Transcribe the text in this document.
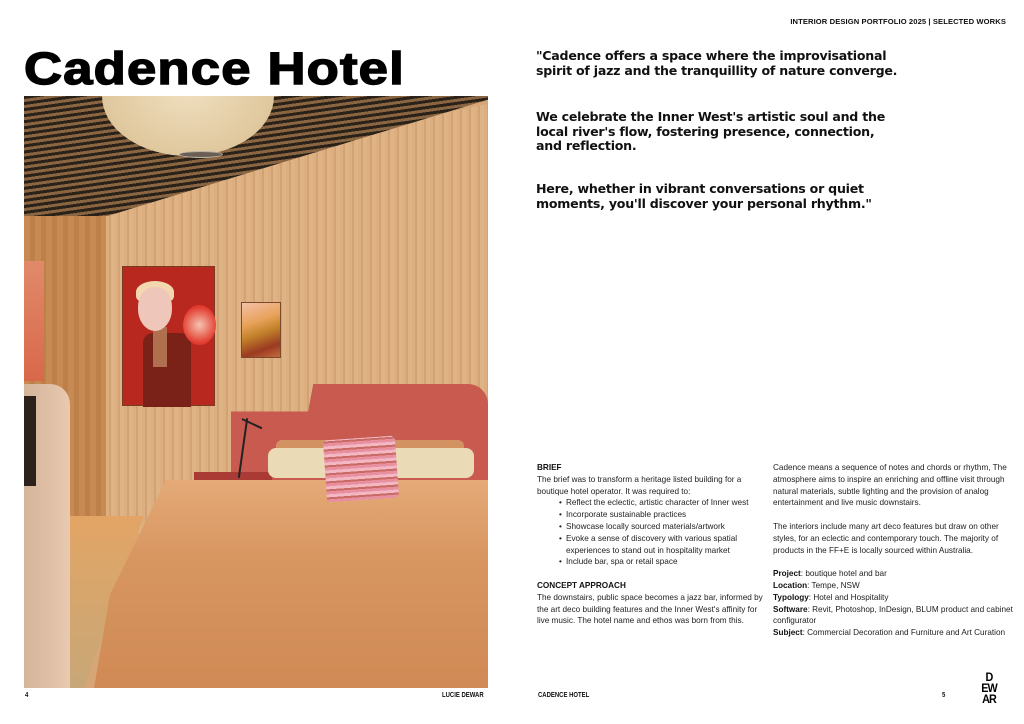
INTERIOR DESIGN PORTFOLIO 2025 | SELECTED WORKS
Cadence Hotel	"Cadence offers a space where the improvisational spirit of jazz and the tranquillity of nature converge.

We celebrate the Inner West's artistic soul and the local river's flow, fostering presence, connection, and reflection.

Here, whether in vibrant conversations or quiet moments, you'll discover your personal rhythm."

BRIEF

The brief was to transform a heritage listed building for a boutique hotel operator. It was required to:

• Reflect the eclectic, artistic character of Inner west
• Incorporate sustainable practices
• Showcase locally sourced materials/artwork
• Evoke a sense of discovery with various spatial experiences to stand out in hospitality market
• Include bar, spa or retail space
CONCEPT APPROACH

The downstairs, public space becomes a jazz bar, informed by the art deco building features and the Inner West's affinity for live music. The hotel name and ethos was born from this.

Cadence means a sequence of notes and chords or rhythm, The atmosphere aims to inspire an enriching and offline visit through natural materials, subtle lighting and the provision of analog entertainment and live music downstairs.

The interiors include many art deco features but draw on other styles, for an eclectic and contemporary touch. The majority of products in the FF+E is locally sourced within Australia.

Project: boutique hotel and bar
Location: Tempe, NSW
Typology: Hotel and Hospitality
Software: Revit, Photoshop, InDesign, BLUM product and cabinet configurator
Subject: Commercial Decoration and Furniture and Art Curation
4	LUCIE DEWAR	CADENCE HOTEL	5
D
EW
AR
